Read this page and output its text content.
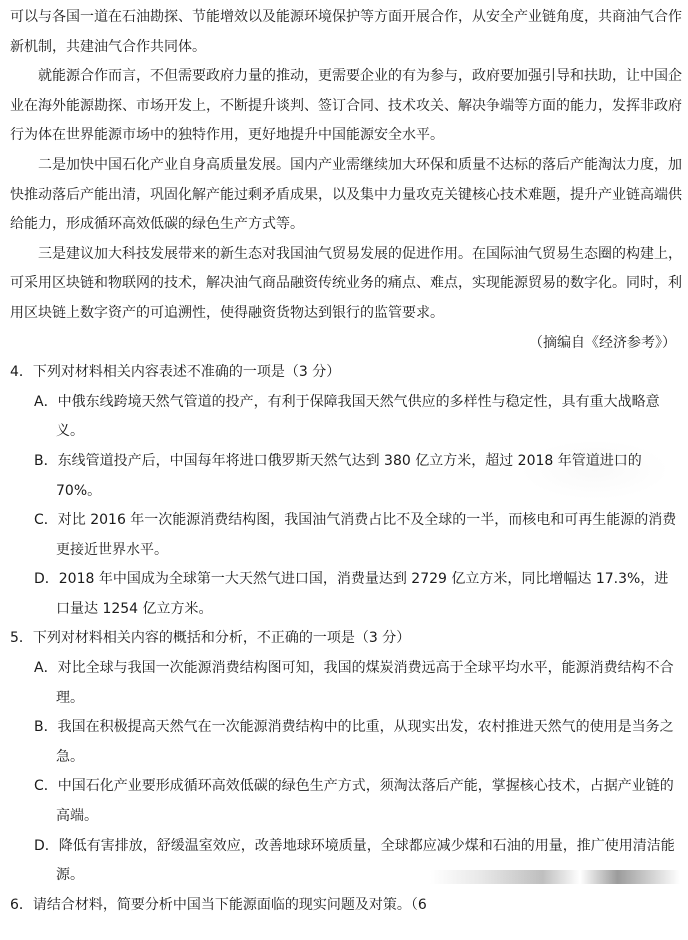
可以与各国一道在石油勘探、节能增效以及能源环境保护等方面开展合作，从安全产业链角度，共商油气合作新机制，共建油气合作共同体。

就能源合作而言，不但需要政府力量的推动，更需要企业的有为参与，政府要加强引导和扶助，让中国企业在海外能源勘探、市场开发上，不断提升谈判、签订合同、技术攻关、解决争端等方面的能力，发挥非政府行为体在世界能源市场中的独特作用，更好地提升中国能源安全水平。

二是加快中国石化产业自身高质量发展。国内产业需继续加大环保和质量不达标的落后产能淘汰力度，加快推动落后产能出清，巩固化解产能过剩矛盾成果，以及集中力量攻克关键核心技术难题，提升产业链高端供给能力，形成循环高效低碳的绿色生产方式等。

三是建议加大科技发展带来的新生态对我国油气贸易发展的促进作用。在国际油气贸易生态圈的构建上，可采用区块链和物联网的技术，解决油气商品融资传统业务的痛点、难点，实现能源贸易的数字化。同时，利用区块链上数字资产的可追溯性，使得融资货物达到银行的监管要求。

（摘编自《经济参考》）

4．下列对材料相关内容表述不准确的一项是（3 分）

A．中俄东线跨境天然气管道的投产，有利于保障我国天然气供应的多样性与稳定性，具有重大战略意义。

B．东线管道投产后，中国每年将进口俄罗斯天然气达到 380 亿立方米，超过 2018 年管道进口的 70%。

C．对比 2016 年一次能源消费结构图，我国油气消费占比不及全球的一半，而核电和可再生能源的消费更接近世界水平。

D．2018 年中国成为全球第一大天然气进口国，消费量达到 2729 亿立方米，同比增幅达 17.3%，进口量达 1254 亿立方米。

5．下列对材料相关内容的概括和分析，不正确的一项是（3 分）

A．对比全球与我国一次能源消费结构图可知，我国的煤炭消费远高于全球平均水平，能源消费结构不合理。

B．我国在积极提高天然气在一次能源消费结构中的比重，从现实出发，农村推进天然气的使用是当务之急。

C．中国石化产业要形成循环高效低碳的绿色生产方式，须淘汰落后产能，掌握核心技术，占据产业链的高端。

D．降低有害排放，舒缓温室效应，改善地球环境质量，全球都应减少煤和石油的用量，推广使用清洁能源。

6．请结合材料，简要分析中国当下能源面临的现实问题及对策。（6
